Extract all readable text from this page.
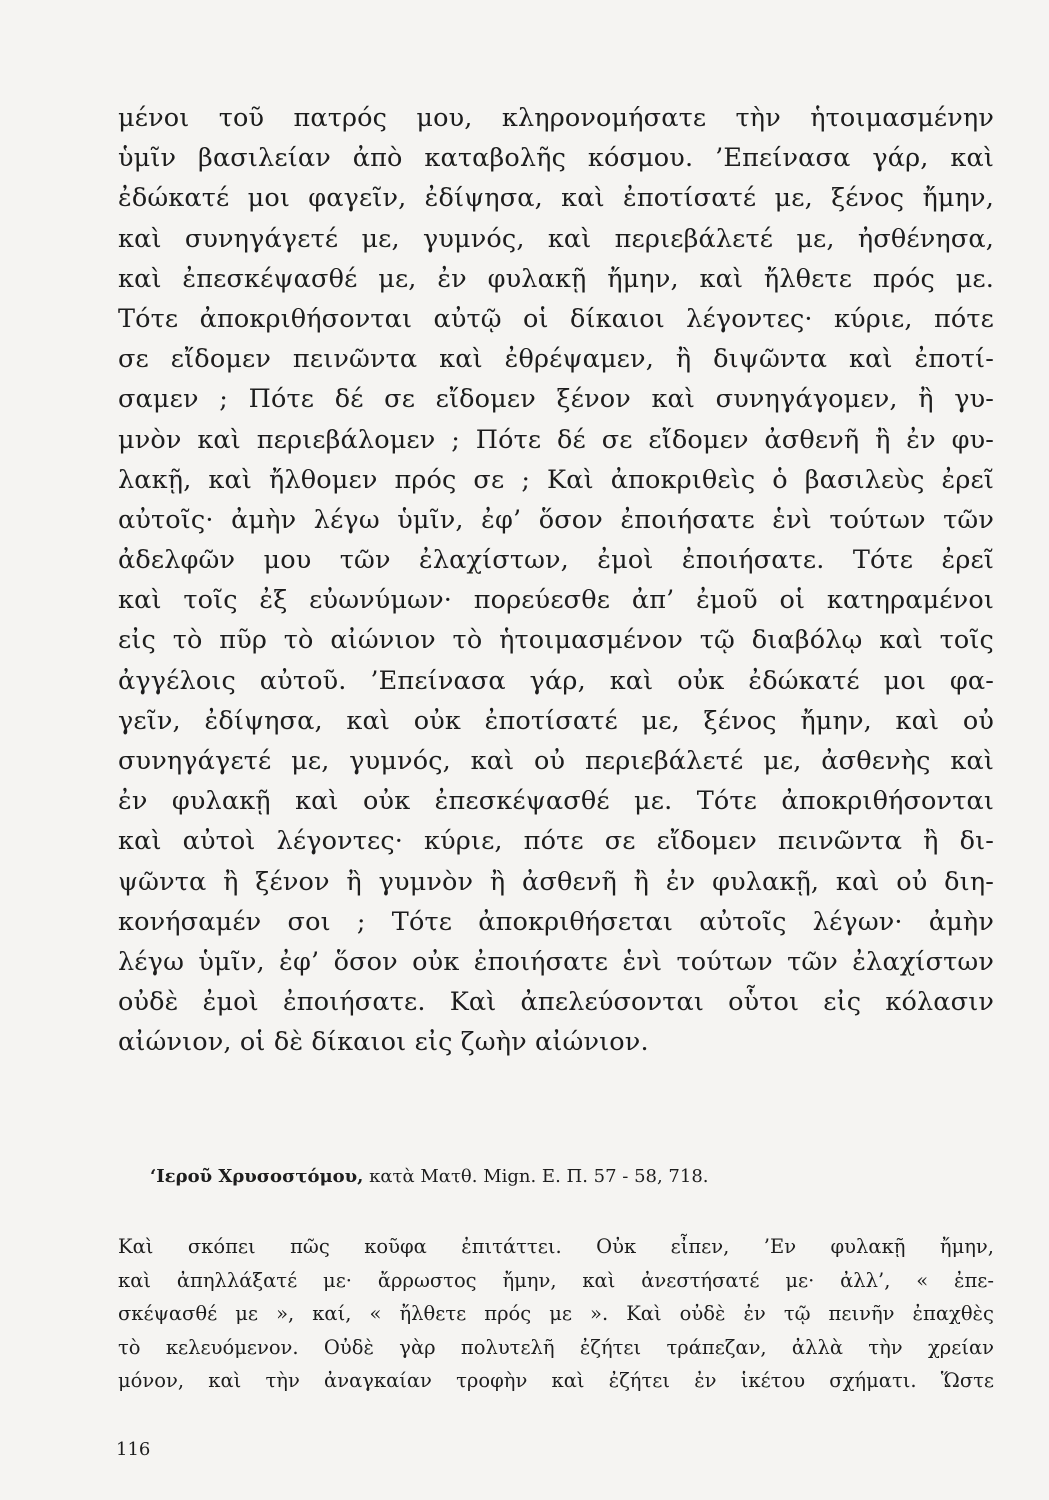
μένοι τοῦ πατρός μου, κληρονομήσατε τὴν ἡτοιμασμένην
ὑμῖν βασιλείαν ἀπὸ καταβολῆς κόσμου. ’Επείνασα γάρ, καὶ
ἐδώκατέ μοι φαγεῖν, ἐδίψησα, καὶ ἐποτίσατέ με, ξένος ἤμην,
καὶ συνηγάγετέ με, γυμνός, καὶ περιεβάλετέ με, ἠσθένησα,
καὶ ἐπεσκέψασθέ με, ἐν φυλακῇ ἤμην, καὶ ἤλθετε πρός με.
Τότε ἀποκριθήσονται αὐτῷ οἱ δίκαιοι λέγοντες· κύριε, πότε
σε εἴδομεν πεινῶντα καὶ ἐθρέψαμεν, ἢ διψῶντα καὶ ἐποτί-
σαμεν ; Πότε δέ σε εἴδομεν ξένον καὶ συνηγάγομεν, ἢ γυ-
μνὸν καὶ περιεβάλομεν ; Πότε δέ σε εἴδομεν ἀσθενῆ ἢ ἐν φυ-
λακῇ, καὶ ἤλθομεν πρός σε ; Καὶ ἀποκριθεὶς ὁ βασιλεὺς ἐρεῖ
αὐτοῖς· ἀμὴν λέγω ὑμῖν, ἐφ’ ὅσον ἐποιήσατε ἑνὶ τούτων τῶν
ἀδελφῶν μου τῶν ἐλαχίστων, ἐμοὶ ἐποιήσατε. Τότε ἐρεῖ
καὶ τοῖς ἐξ εὐωνύμων· πορεύεσθε ἀπ’ ἐμοῦ οἱ κατηραμένοι
εἰς τὸ πῦρ τὸ αἰώνιον τὸ ἡτοιμασμένον τῷ διαβόλῳ καὶ τοῖς
ἀγγέλοις αὐτοῦ. ’Επείνασα γάρ, καὶ οὐκ ἐδώκατέ μοι φα-
γεῖν, ἐδίψησα, καὶ οὐκ ἐποτίσατέ με, ξένος ἤμην, καὶ οὐ
συνηγάγετέ με, γυμνός, καὶ οὐ περιεβάλετέ με, ἀσθενὴς καὶ
ἐν φυλακῇ καὶ οὐκ ἐπεσκέψασθέ με. Τότε ἀποκριθήσονται
καὶ αὐτοὶ λέγοντες· κύριε, πότε σε εἴδομεν πεινῶντα ἢ δι-
ψῶντα ἢ ξένον ἢ γυμνὸν ἢ ἀσθενῆ ἢ ἐν φυλακῇ, καὶ οὐ διη-
κονήσαμέν σοι ; Τότε ἀποκριθήσεται αὐτοῖς λέγων· ἀμὴν
λέγω ὑμῖν, ἐφ’ ὅσον οὐκ ἐποιήσατε ἑνὶ τούτων τῶν ἐλαχίστων
οὐδὲ ἐμοὶ ἐποιήσατε. Καὶ ἀπελεύσονται οὗτοι εἰς κόλασιν
αἰώνιον, οἱ δὲ δίκαιοι εἰς ζωὴν αἰώνιον.
‘Ιεροῦ Χρυσοστόμου, κατὰ Ματθ. Mign. E. Π. 57 - 58, 718.
Καὶ σκόπει πῶς κοῦφα ἐπιτάττει. Οὐκ εἶπεν, ’Εν φυλακῇ ἤμην,
καὶ ἀπηλλάξατέ με· ἄρρωστος ἤμην, καὶ ἀνεστήσατέ με· ἀλλ’, « ἐπε-
σκέψασθέ με », καί, « ἤλθετε πρός με ». Καὶ οὐδὲ ἐν τῷ πεινῆν ἐπαχθὲς
τὸ κελευόμενον. Οὐδὲ γὰρ πολυτελῆ ἐζήτει τράπεζαν, ἀλλὰ τὴν χρείαν
μόνον, καὶ τὴν ἀναγκαίαν τροφὴν καὶ ἐζήτει ἐν ἱκέτου σχήματι. Ὥστε
116
